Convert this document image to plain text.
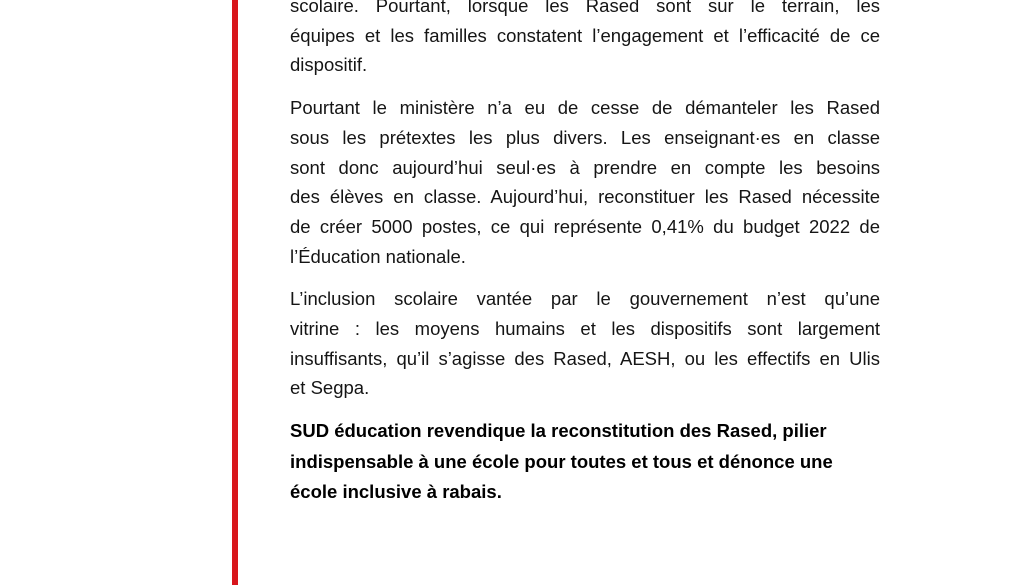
scolaire. Pourtant, lorsque les Rased sont sur le terrain, les
équipes et les familles constatent l’engagement et l’efficacité de ce
dispositif.

Pourtant le ministère n’a eu de cesse de démanteler les Rased
sous les prétextes les plus divers. Les enseignant·es en classe
sont donc aujourd’hui seul·es à prendre en compte les besoins
des élèves en classe. Aujourd’hui, reconstituer les Rased nécessite
de créer 5000 postes, ce qui représente 0,41% du budget 2022 de
l’Éducation nationale.

L’inclusion scolaire vantée par le gouvernement n’est qu’une
vitrine : les moyens humains et les dispositifs sont largement
insuffisants, qu’il s’agisse des Rased, AESH, ou les effectifs en Ulis
et Segpa.

SUD éducation revendique la reconstitution des Rased, pilier
indispensable à une école pour toutes et tous et dénonce une
école inclusive à rabais.
